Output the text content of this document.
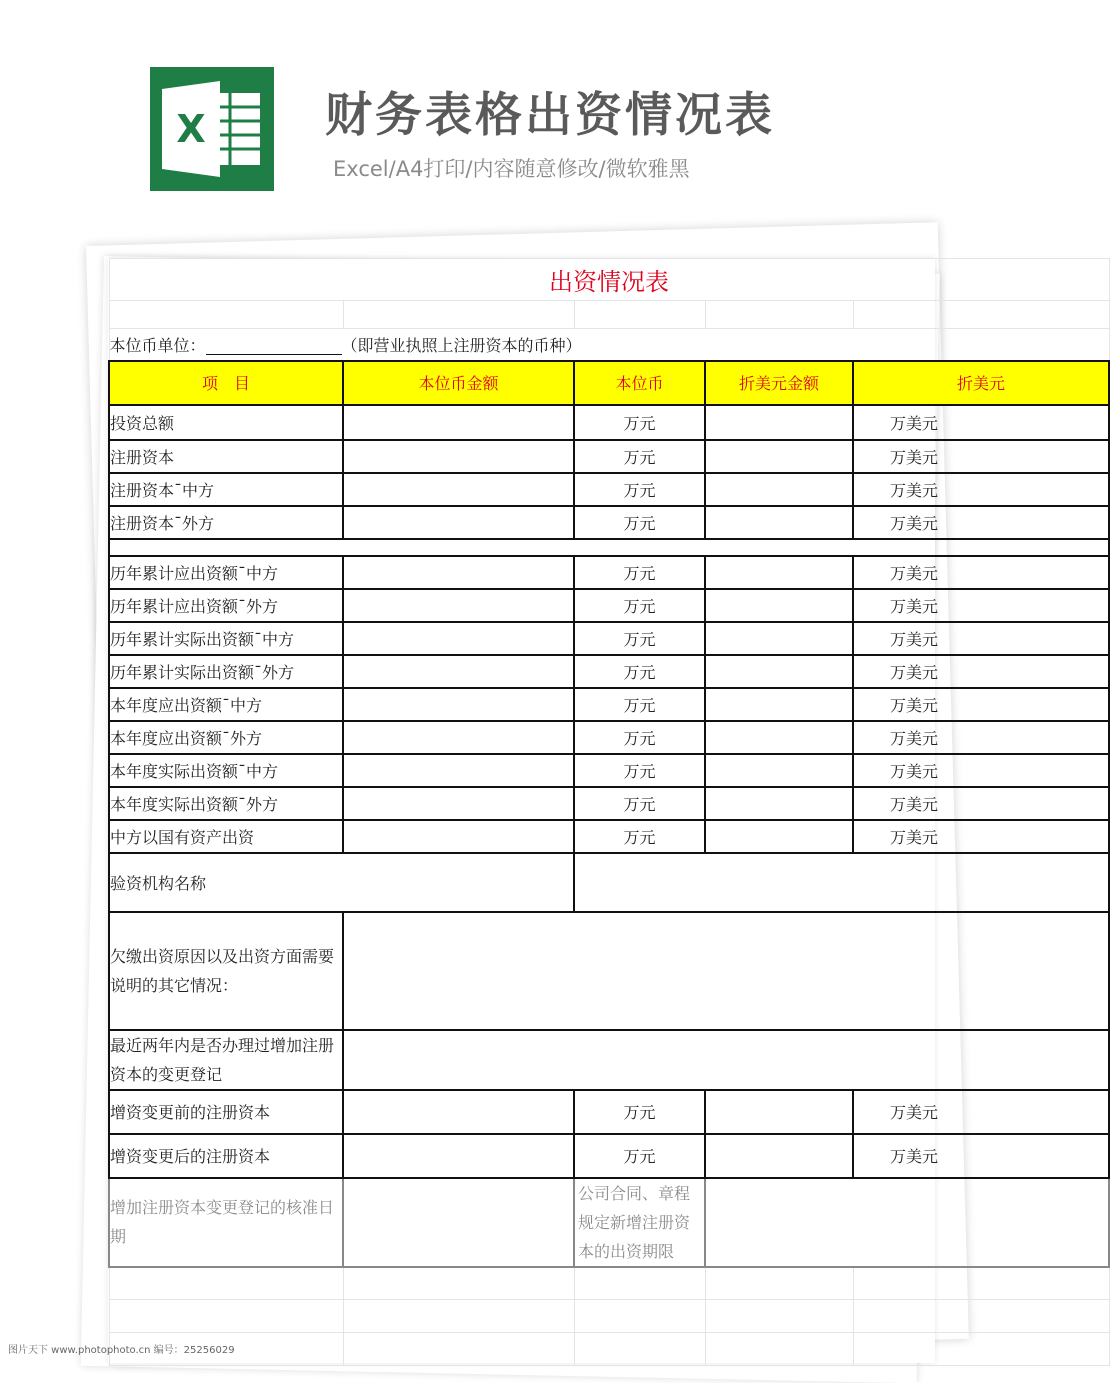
X	财务表格出资情况表
Excel/A4打印/内容随意修改/微软雅黑
出资情况表				

本位币单位： （即营业执照上注册资本的币种）				
项　目	本位币金额	本位币	折美元金额	折美元
投资总额		万元		万美元
注册资本		万元		万美元
注册资本¯中方		万元		万美元
注册资本¯外方		万元		万美元

历年累计应出资额¯中方		万元		万美元
历年累计应出资额¯外方		万元		万美元
历年累计实际出资额¯中方		万元		万美元
历年累计实际出资额¯外方		万元		万美元
本年度应出资额¯中方		万元		万美元
本年度应出资额¯外方		万元		万美元
本年度实际出资额¯中方		万元		万美元
本年度实际出资额¯外方		万元		万美元
中方以国有资产出资		万元		万美元
验资机构名称				
欠缴出资原因以及出资方面需要说明的其它情况：				
最近两年内是否办理过增加注册资本的变更登记				
增资变更前的注册资本		万元		万美元
增资变更后的注册资本		万元		万美元
增加注册资本变更登记的核准日期		公司合同、章程规定新增注册资本的出资期限		

图片天下 www.photophoto.cn 编号：25256029
